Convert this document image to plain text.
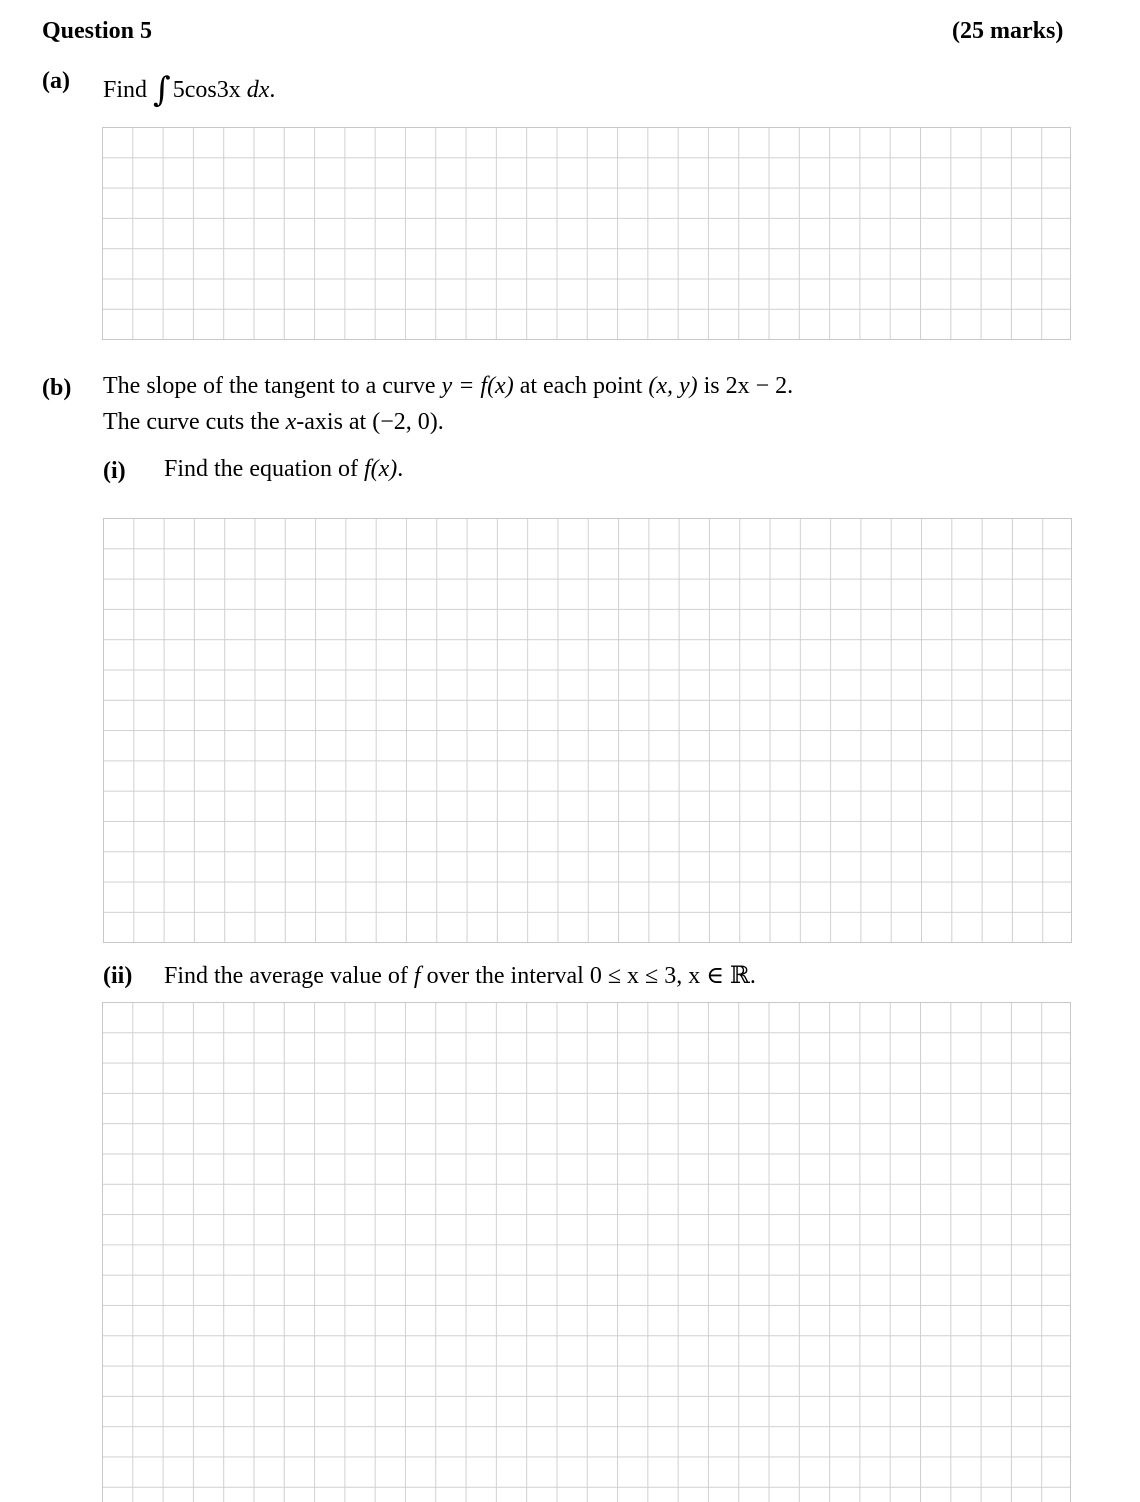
Question 5	(25 marks)
(a) Find ∫5cos3x dx.
(b) The slope of the tangent to a curve y = f(x) at each point (x, y) is 2x − 2.
The curve cuts the x-axis at (−2, 0).
(i) Find the equation of f(x).
(ii) Find the average value of f over the interval 0 ≤ x ≤ 3, x ∈ ℝ.
